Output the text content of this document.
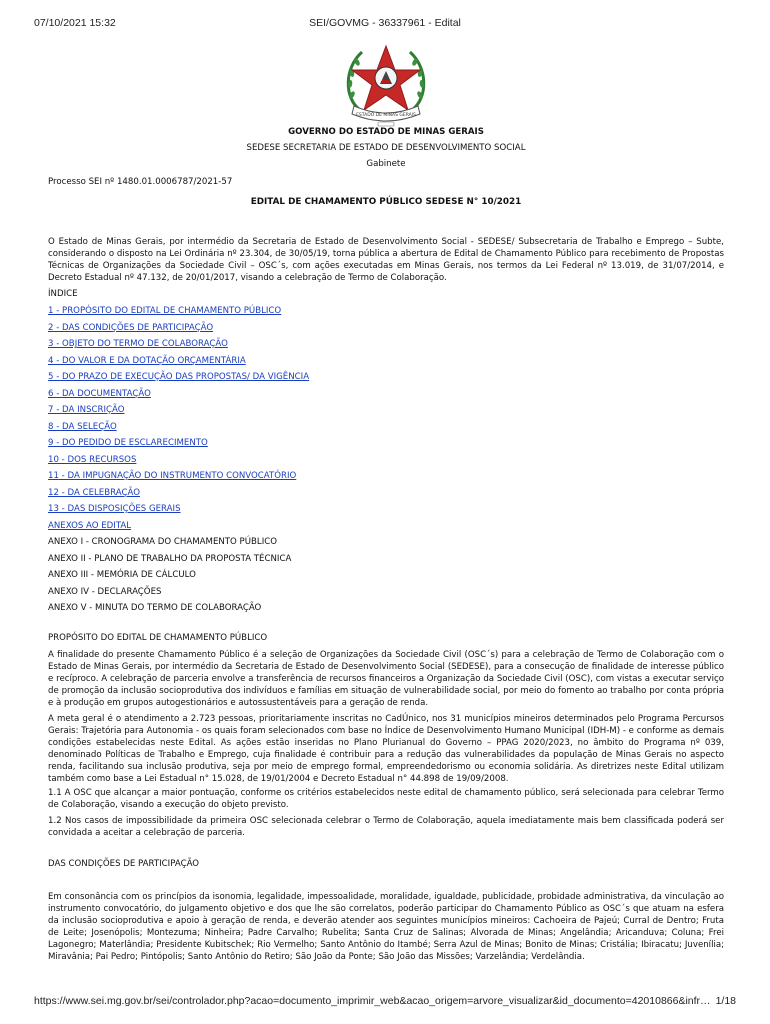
07/10/2021 15:32	SEI/GOVMG - 36337961 - Edital
ESTADO DE MINAS GERAIS
GOVERNO DO ESTADO DE MINAS GERAIS
SEDESE SECRETARIA DE ESTADO DE DESENVOLVIMENTO SOCIAL
Gabinete
Processo SEI nº 1480.01.0006787/2021-57
EDITAL DE CHAMAMENTO PÚBLICO SEDESE N° 10/2021

O Estado de Minas Gerais, por intermédio da Secretaria de Estado de Desenvolvimento Social - SEDESE/ Subsecretaria de Trabalho e Emprego – Subte, considerando o disposto na Lei Ordinária nº 23.304, de 30/05/19, torna pública a abertura de Edital de Chamamento Público para recebimento de Propostas Técnicas de Organizações da Sociedade Civil – OSC´s, com ações executadas em Minas Gerais, nos termos da Lei Federal nº 13.019, de 31/07/2014, e Decreto Estadual nº 47.132, de 20/01/2017, visando a celebração de Termo de Colaboração.

ÍNDICE
1 - PROPÓSITO DO EDITAL DE CHAMAMENTO PÚBLICO
2 - DAS CONDIÇÕES DE PARTICIPAÇÃO
3 - OBJETO DO TERMO DE COLABORAÇÃO
4 - DO VALOR E DA DOTAÇÃO ORÇAMENTÁRIA
5 - DO PRAZO DE EXECUÇÃO DAS PROPOSTAS/ DA VIGÊNCIA
6 - DA DOCUMENTAÇÃO
7 - DA INSCRIÇÃO
8 - DA SELEÇÃO
9 - DO PEDIDO DE ESCLARECIMENTO
10 - DOS RECURSOS
11 - DA IMPUGNAÇÃO DO INSTRUMENTO CONVOCATÓRIO
12 - DA CELEBRAÇÃO
13 - DAS DISPOSIÇÕES GERAIS
ANEXOS AO EDITAL
ANEXO I - CRONOGRAMA DO CHAMAMENTO PÚBLICO
ANEXO II - PLANO DE TRABALHO DA PROPOSTA TÉCNICA
ANEXO III - MEMÓRIA DE CÁLCULO
ANEXO IV - DECLARAÇÕES
ANEXO V - MINUTA DO TERMO DE COLABORAÇÃO
PROPÓSITO DO EDITAL DE CHAMAMENTO PÚBLICO

A finalidade do presente Chamamento Público é a seleção de Organizações da Sociedade Civil (OSC´s) para a celebração de Termo de Colaboração com o Estado de Minas Gerais, por intermédio da Secretaria de Estado de Desenvolvimento Social (SEDESE), para a consecução de finalidade de interesse público e recíproco. A celebração de parceria envolve a transferência de recursos financeiros a Organização da Sociedade Civil (OSC), com vistas a executar serviço de promoção da inclusão socioprodutiva dos indivíduos e famílias em situação de vulnerabilidade social, por meio do fomento ao trabalho por conta própria e à produção em grupos autogestionários e autossustentáveis para a geração de renda.

A meta geral é o atendimento a 2.723 pessoas, prioritariamente inscritas no CadÚnico, nos 31 municípios mineiros determinados pelo Programa Percursos Gerais: Trajetória para Autonomia - os quais foram selecionados com base no Índice de Desenvolvimento Humano Municipal (IDH-M) - e conforme as demais condições estabelecidas neste Edital. As ações estão inseridas no Plano Plurianual do Governo – PPAG 2020/2023, no âmbito do Programa nº 039, denominado Políticas de Trabalho e Emprego, cuja finalidade é contribuir para a redução das vulnerabilidades da população de Minas Gerais no aspecto renda, facilitando sua inclusão produtiva, seja por meio de emprego formal, empreendedorismo ou economia solidária. As diretrizes neste Edital utilizam também como base a Lei Estadual n° 15.028, de 19/01/2004 e Decreto Estadual n° 44.898 de 19/09/2008.

1.1 A OSC que alcançar a maior pontuação, conforme os critérios estabelecidos neste edital de chamamento público, será selecionada para celebrar Termo de Colaboração, visando a execução do objeto previsto.

1.2 Nos casos de impossibilidade da primeira OSC selecionada celebrar o Termo de Colaboração, aquela imediatamente mais bem classificada poderá ser convidada a aceitar a celebração de parceria.

DAS CONDIÇÕES DE PARTICIPAÇÃO

Em consonância com os princípios da isonomia, legalidade, impessoalidade, moralidade, igualdade, publicidade, probidade administrativa, da vinculação ao instrumento convocatório, do julgamento objetivo e dos que lhe são correlatos, poderão participar do Chamamento Público as OSC´s que atuam na esfera da inclusão socioprodutiva e apoio à geração de renda, e deverão atender aos seguintes municípios mineiros: Cachoeira de Pajeú; Curral de Dentro; Fruta de Leite; Josenópolis; Montezuma; Ninheira; Padre Carvalho; Rubelita; Santa Cruz de Salinas; Alvorada de Minas; Angelândia; Aricanduva; Coluna; Frei Lagonegro; Materlândia; Presidente Kubitschek; Rio Vermelho; Santo Antônio do Itambé; Serra Azul de Minas; Bonito de Minas; Cristália; Ibiracatu; Juvenília; Miravânia; Pai Pedro; Pintópolis; Santo Antônio do Retiro; São João da Ponte; São João das Missões; Varzelândia; Verdelândia.

https://www.sei.mg.gov.br/sei/controlador.php?acao=documento_imprimir_web&acao_origem=arvore_visualizar&id_documento=42010866&infr… 1/18
